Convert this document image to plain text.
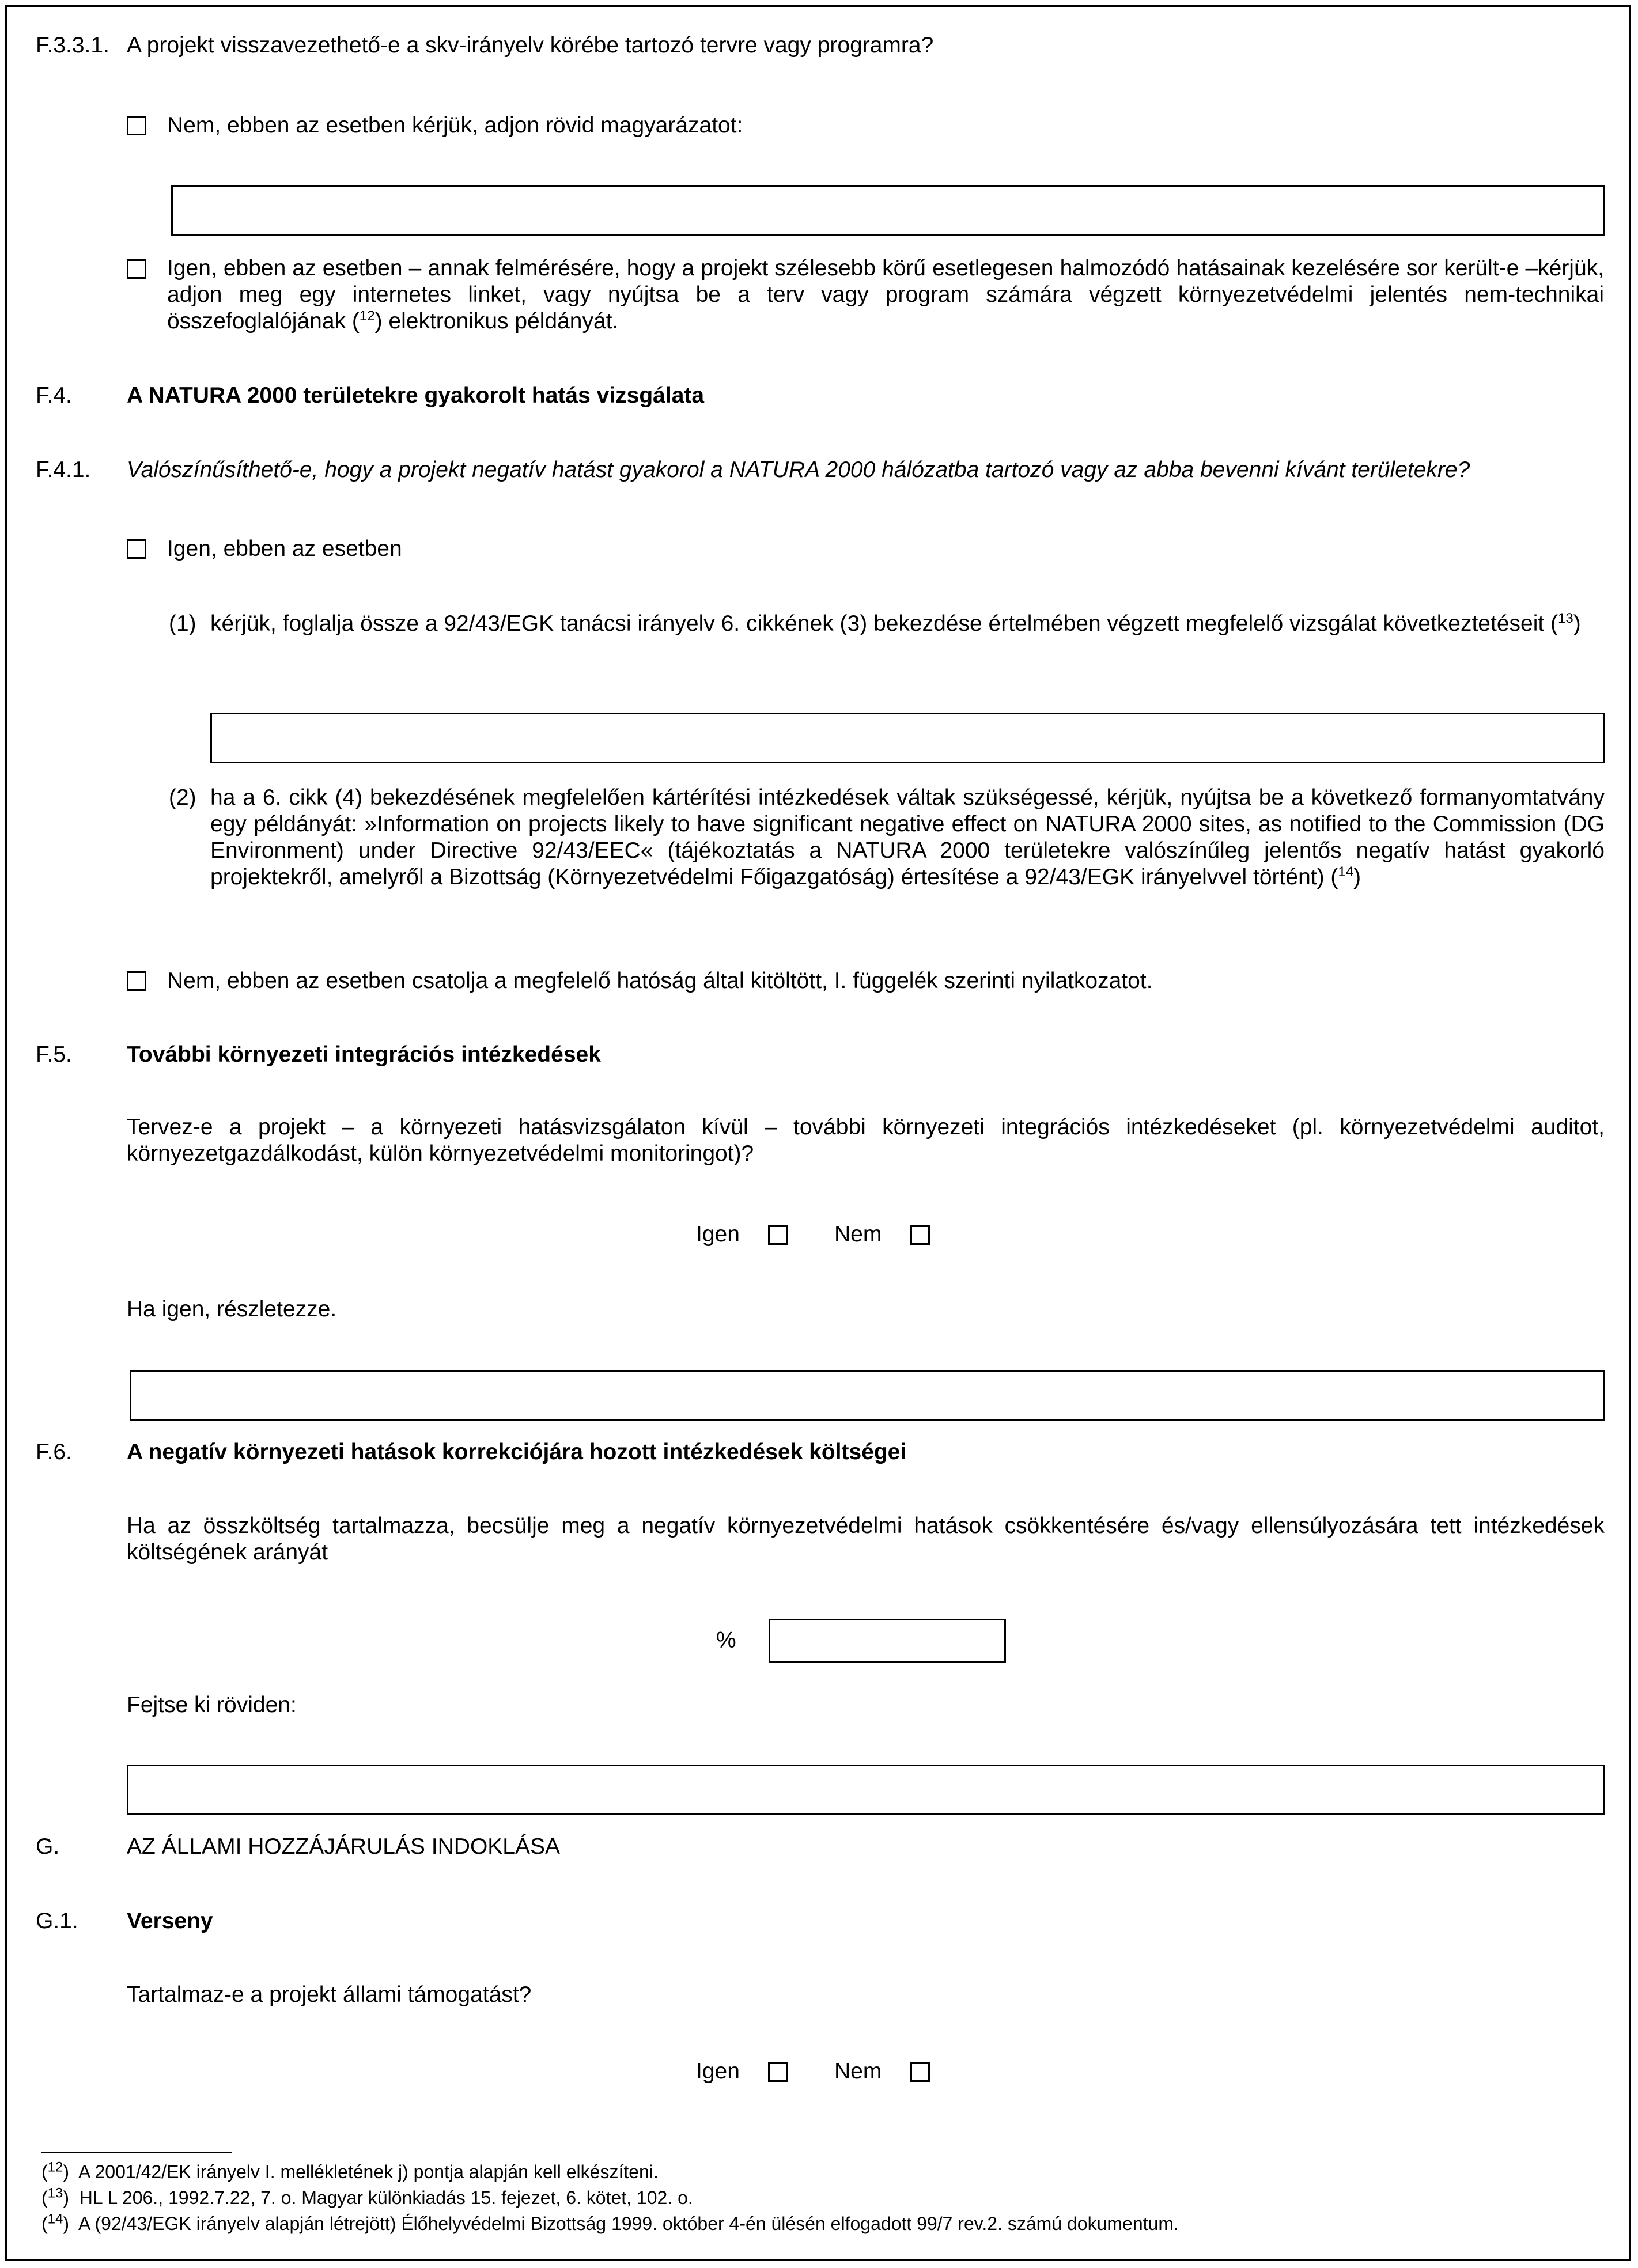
F.3.3.1. A projekt visszavezethető-e a skv-irányelv körébe tartozó tervre vagy programra?
Nem, ebben az esetben kérjük, adjon rövid magyarázatot:
Igen, ebben az esetben – annak felmérésére, hogy a projekt szélesebb körű esetlegesen halmozódó hatásainak kezelésére sor került-e –kérjük, adjon meg egy internetes linket, vagy nyújtsa be a terv vagy program számára végzett környezetvédelmi jelentés nem-technikai összefoglalójának ($^{12}$) elektronikus példányát.
F.4. A NATURA 2000 területekre gyakorolt hatás vizsgálata
F.4.1. Valószínűsíthető-e, hogy a projekt negatív hatást gyakorol a NATURA 2000 hálózatba tartozó vagy az abba bevenni kívánt területekre?
Igen, ebben az esetben
(1) kérjük, foglalja össze a 92/43/EGK tanácsi irányelv 6. cikkének (3) bekezdése értelmében végzett megfelelő vizsgálat következtetéseit ($^{13}$)
(2) ha a 6. cikk (4) bekezdésének megfelelően kártérítési intézkedések váltak szükségessé, kérjük, nyújtsa be a következő formanyomtatvány egy példányát: »Information on projects likely to have significant negative effect on NATURA 2000 sites, as notified to the Commission (DG Environment) under Directive 92/43/EEC« (tájékoztatás a NATURA 2000 területekre valószínűleg jelentős negatív hatást gyakorló projektekről, amelyről a Bizottság (Környezetvédelmi Főigazgatóság) értesítése a 92/43/EGK irányelvvel történt) ($^{14}$)
Nem, ebben az esetben csatolja a megfelelő hatóság által kitöltött, I. függelék szerinti nyilatkozatot.
F.5. További környezeti integrációs intézkedések
Tervez-e a projekt – a környezeti hatásvizsgálaton kívül – további környezeti integrációs intézkedéseket (pl. környezetvédelmi auditot, környezetgazdálkodást, külön környezetvédelmi monitoringot)?
Igen	Nem
Ha igen, részletezze.
F.6. A negatív környezeti hatások korrekciójára hozott intézkedések költségei
Ha az összköltség tartalmazza, becsülje meg a negatív környezetvédelmi hatások csökkentésére és/vagy ellensúlyozására tett intézkedések költségének arányát
%
Fejtse ki röviden:
G.	AZ ÁLLAMI HOZZÁJÁRULÁS INDOKLÁSA
G.1. Verseny
Tartalmaz-e a projekt állami támogatást?
Igen	Nem
($^{12}$)  A 2001/42/EK irányelv I. mellékletének j) pontja alapján kell elkészíteni.
($^{13}$)  HL L 206., 1992.7.22, 7. o. Magyar különkiadás 15. fejezet, 6. kötet, 102. o.
($^{14}$)  A (92/43/EGK irányelv alapján létrejött) Élőhelyvédelmi Bizottság 1999. október 4-én ülésén elfogadott 99/7 rev.2. számú dokumentum.
